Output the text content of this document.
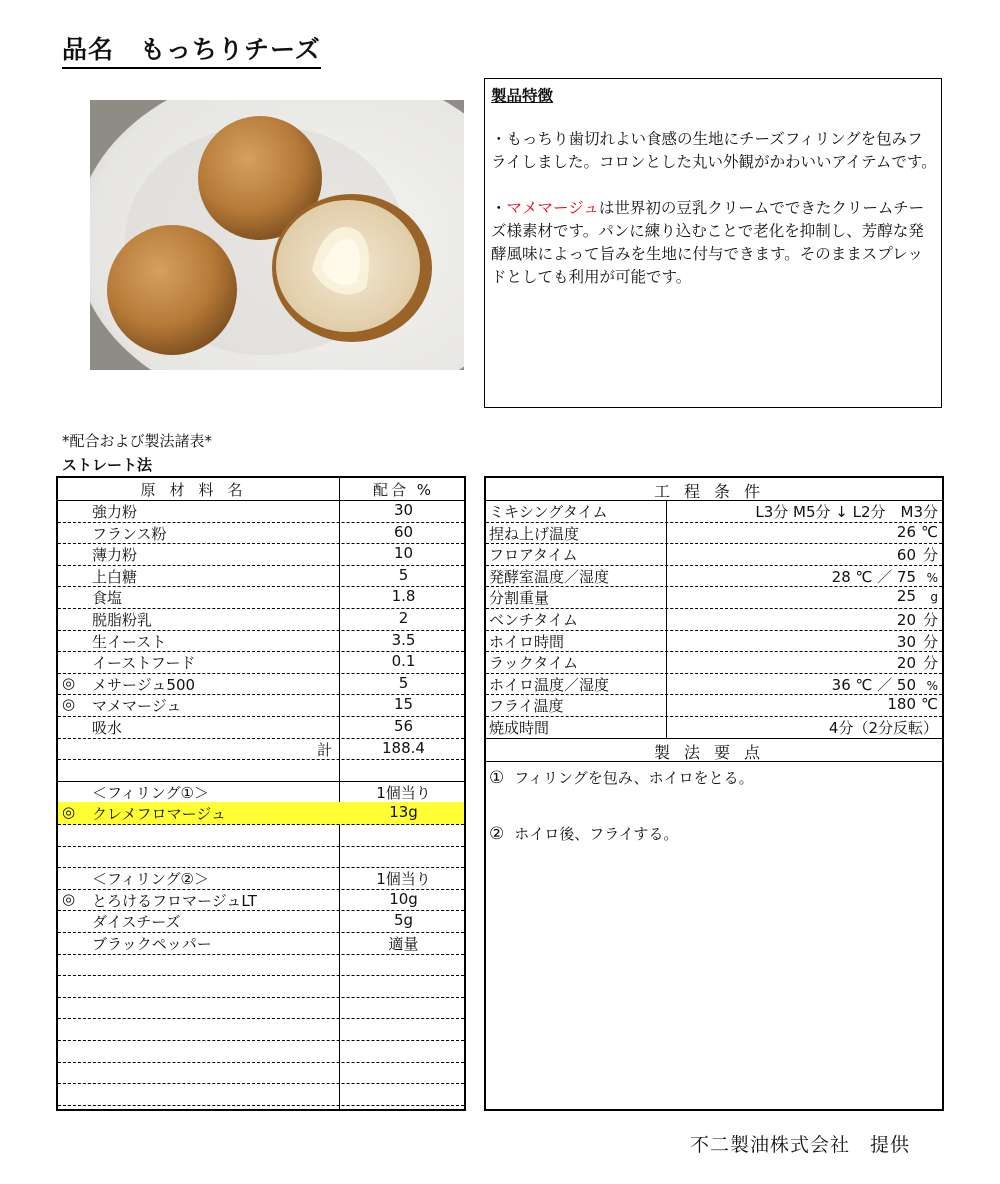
品名　もっちりチーズ
製品特徴

・もっちり歯切れよい食感の生地にチーズフィリングを包みフライしました。コロンとした丸い外観がかわいいアイテムです。

・マメマージュは世界初の豆乳クリームでできたクリームチーズ様素材です。パンに練り込むことで老化を抑制し、芳醇な発酵風味によって旨みを生地に付与できます。そのままスプレッドとしても利用が可能です。

*配合および製法諸表*
ストレート法
原材料名	配合 %
強力粉	30
フランス粉	60
薄力粉	10
上白糖	5
食塩	1.8
脱脂粉乳	2
生イースト	3.5
イーストフード	0.1
◎ メサージュ500	5
◎ マメマージュ	15
吸水	56
計	188.4
＜フィリング①＞	1個当り
◎ クレメフロマージュ	13g
＜フィリング②＞	1個当り
◎ とろけるフロマージュLT	10g
ダイスチーズ	5g
ブラックペッパー	適量
工程条件
ミキシングタイム	L3分 M5分 ↓ L2分　M3分
捏ね上げ温度	26 ℃
フロアタイム	60 分
発酵室温度／湿度	28 ℃ ／ 75 %
分割重量	25 g
ベンチタイム	20 分
ホイロ時間	30 分
ラックタイム	20 分
ホイロ温度／湿度	36 ℃ ／ 50 %
フライ温度	180 ℃
焼成時間	4分（2分反転）
製法要点
① フィリングを包み、ホイロをとる。
② ホイロ後、フライする。
不二製油株式会社　提供
